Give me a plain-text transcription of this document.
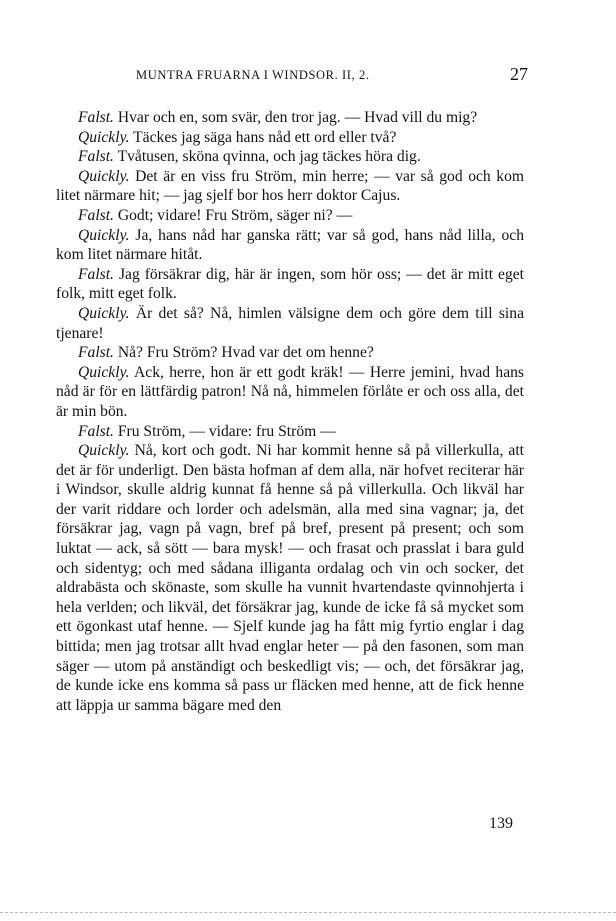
MUNTRA FRUARNA I WINDSOR. II, 2.	27

Falst. Hvar och en, som svär, den tror jag. — Hvad vill du mig?

Quickly. Täckes jag säga hans nåd ett ord eller två?

Falst. Tvåtusen, sköna qvinna, och jag täckes höra dig.

Quickly. Det är en viss fru Ström, min herre; — var så god och kom litet närmare hit; — jag sjelf bor hos herr doktor Cajus.

Falst. Godt; vidare! Fru Ström, säger ni? —

Quickly. Ja, hans nåd har ganska rätt; var så god, hans nåd lilla, och kom litet närmare hitåt.

Falst. Jag försäkrar dig, här är ingen, som hör oss; — det är mitt eget folk, mitt eget folk.

Quickly. Är det så? Nå, himlen välsigne dem och göre dem till sina tjenare!

Falst. Nå? Fru Ström? Hvad var det om henne?

Quickly. Ack, herre, hon är ett godt kräk! — Herre jemini, hvad hans nåd är för en lättfärdig patron! Nå nå, himmelen förlåte er och oss alla, det är min bön.

Falst. Fru Ström, — vidare: fru Ström —

Quickly. Nå, kort och godt. Ni har kommit henne så på villerkulla, att det är för underligt. Den bästa hofman af dem alla, när hofvet reciterar här i Windsor, skulle aldrig kunnat få henne så på villerkulla. Och likväl har der varit riddare och lorder och adelsmän, alla med sina vagnar; ja, det försäkrar jag, vagn på vagn, bref på bref, present på present; och som luktat — ack, så sött — bara mysk! — och frasat och prasslat i bara guld och sidentyg; och med sådana illiganta ordalag och vin och socker, det aldrabästa och skönaste, som skulle ha vunnit hvartendaste qvinnohjerta i hela verlden; och likväl, det försäkrar jag, kunde de icke få så mycket som ett ögonkast utaf henne. — Sjelf kunde jag ha fått mig fyrtio englar i dag bittida; men jag trotsar allt hvad englar heter — på den fasonen, som man säger — utom på anständigt och beskedligt vis; — och, det försäkrar jag, de kunde icke ens komma så pass ur fläcken med henne, att de fick henne att läppja ur samma bägare med den

139
